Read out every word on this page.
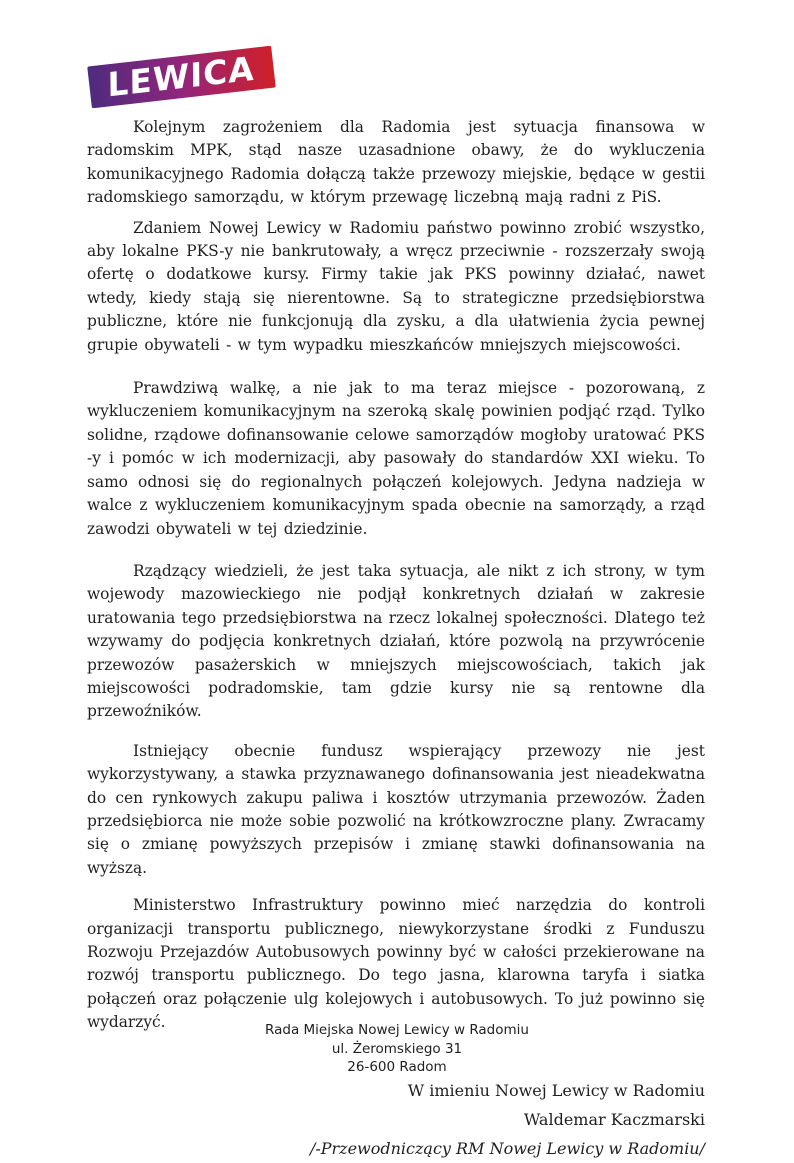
LEWICA

Kolejnym zagrożeniem dla Radomia jest sytuacja finansowa w radomskim MPK, stąd nasze uzasadnione obawy, że do wykluczenia komunikacyjnego Radomia dołączą także przewozy miejskie, będące w gestii radomskiego samorządu, w którym przewagę liczebną mają radni z PiS.

Zdaniem Nowej Lewicy w Radomiu państwo powinno zrobić wszystko, aby lokalne PKS-y nie bankrutowały, a wręcz przeciwnie - rozszerzały swoją ofertę o dodatkowe kursy. Firmy takie jak PKS powinny działać, nawet wtedy, kiedy stają się nierentowne. Są to strategiczne przedsiębiorstwa publiczne, które nie funkcjonują dla zysku, a dla ułatwienia życia pewnej grupie obywateli - w tym wypadku mieszkańców mniejszych miejscowości.

Prawdziwą walkę, a nie jak to ma teraz miejsce - pozorowaną, z wykluczeniem komunikacyjnym na szeroką skalę powinien podjąć rząd. Tylko solidne, rządowe dofinansowanie celowe samorządów mogłoby uratować PKS -y i pomóc w ich modernizacji, aby pasowały do standardów XXI wieku. To samo odnosi się do regionalnych połączeń kolejowych. Jedyna nadzieja w walce z wykluczeniem komunikacyjnym spada obecnie na samorządy, a rząd zawodzi obywateli w tej dziedzinie.

Rządzący wiedzieli, że jest taka sytuacja, ale nikt z ich strony, w tym wojewody mazowieckiego nie podjął konkretnych działań w zakresie uratowania tego przedsiębiorstwa na rzecz lokalnej społeczności. Dlatego też wzywamy do podjęcia konkretnych działań, które pozwolą na przywrócenie przewozów pasażerskich w mniejszych miejscowościach, takich jak miejscowości podradomskie, tam gdzie kursy nie są rentowne dla przewoźników.

Istniejący obecnie fundusz wspierający przewozy nie jest wykorzystywany, a stawka przyznawanego dofinansowania jest nieadekwatna do cen rynkowych zakupu paliwa i kosztów utrzymania przewozów. Żaden przedsiębiorca nie może sobie pozwolić na krótkowzroczne plany. Zwracamy się o zmianę powyższych przepisów i zmianę stawki dofinansowania na wyższą.

Ministerstwo Infrastruktury powinno mieć narzędzia do kontroli organizacji transportu publicznego, niewykorzystane środki z Funduszu Rozwoju Przejazdów Autobusowych powinny być w całości przekierowane na rozwój transportu publicznego. Do tego jasna, klarowna taryfa i siatka połączeń oraz połączenie ulg kolejowych i autobusowych. To już powinno się wydarzyć.

W imieniu Nowej Lewicy w Radomiu

Waldemar Kaczmarski

/-Przewodniczący RM Nowej Lewicy w Radomiu/

Rada Miejska Nowej Lewicy w Radomiu

ul. Żeromskiego 31

26-600 Radom
